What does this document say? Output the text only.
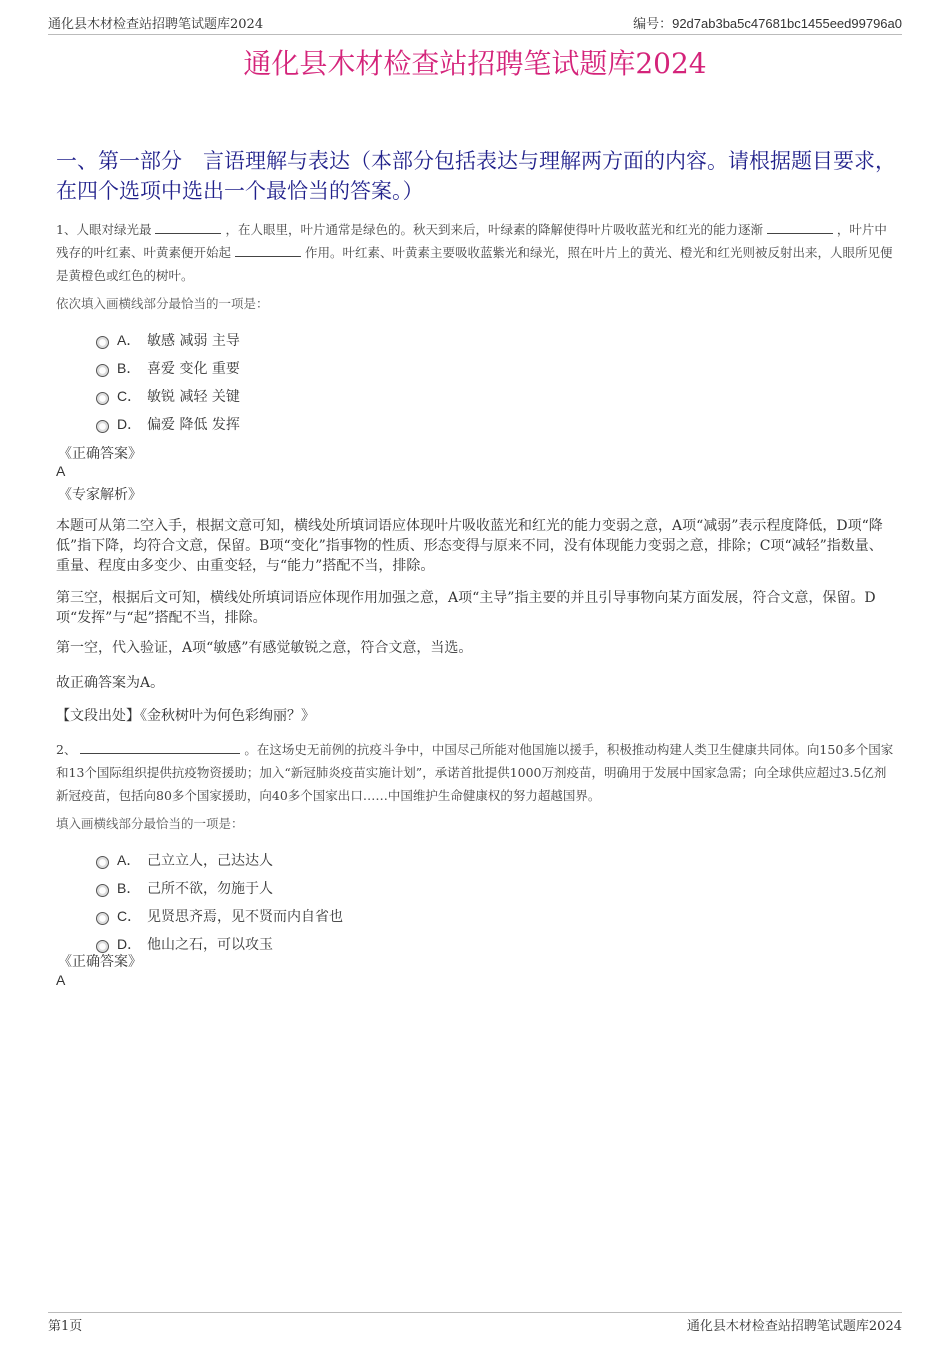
通化县木材检查站招聘笔试题库2024	编号：92d7ab3ba5c47681bc1455eed99796a0
通化县木材检查站招聘笔试题库2024
一、第一部分　言语理解与表达（本部分包括表达与理解两方面的内容。请根据题目要求，在四个选项中选出一个最恰当的答案。）
1、人眼对绿光最	，在人眼里，叶片通常是绿色的。秋天到来后，叶绿素的降解使得叶片吸收蓝光和红光的能力逐渐	，叶片中残存的叶红素、叶黄素便开始起	作用。叶红素、叶黄素主要吸收蓝紫光和绿光，照在叶片上的黄光、橙光和红光则被反射出来，人眼所见便是黄橙色或红色的树叶。
依次填入画横线部分最恰当的一项是：
A． 敏感 减弱 主导
B． 喜爱 变化 重要
C． 敏锐 减轻 关键
D． 偏爱 降低 发挥
《正确答案》
A
《专家解析》
本题可从第二空入手，根据文意可知，横线处所填词语应体现叶片吸收蓝光和红光的能力变弱之意，A项“减弱”表示程度降低，D项“降低”指下降，均符合文意，保留。B项“变化”指事物的性质、形态变得与原来不同，没有体现能力变弱之意，排除；C项“减轻”指数量、重量、程度由多变少、由重变轻，与“能力”搭配不当，排除。
第三空，根据后文可知，横线处所填词语应体现作用加强之意，A项“主导”指主要的并且引导事物向某方面发展，符合文意，保留。D项“发挥”与“起”搭配不当，排除。
第一空，代入验证，A项“敏感”有感觉敏锐之意，符合文意，当选。
故正确答案为A。
【文段出处】《金秋树叶为何色彩绚丽？》
2、	。在这场史无前例的抗疫斗争中，中国尽己所能对他国施以援手，积极推动构建人类卫生健康共同体。向150多个国家和13个国际组织提供抗疫物资援助；加入“新冠肺炎疫苗实施计划”，承诺首批提供1000万剂疫苗，明确用于发展中国家急需；向全球供应超过3.5亿剂新冠疫苗，包括向80多个国家援助，向40多个国家出口……中国维护生命健康权的努力超越国界。
填入画横线部分最恰当的一项是：
A． 己立立人，己达达人
B． 己所不欲，勿施于人
C． 见贤思齐焉，见不贤而内自省也
D． 他山之石，可以攻玉
《正确答案》
A
第1页	通化县木材检查站招聘笔试题库2024
